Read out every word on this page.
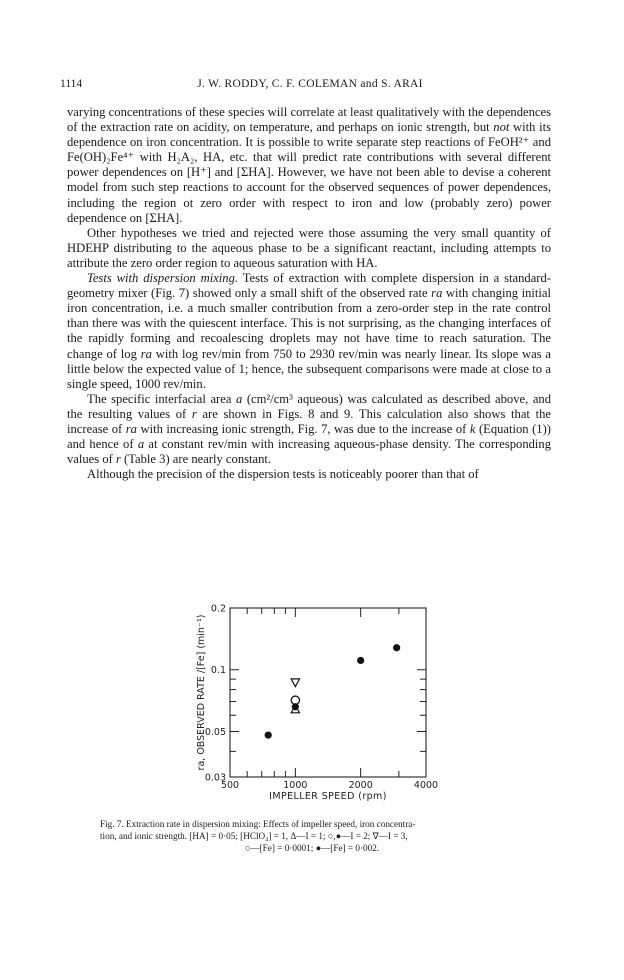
1114	J. W. RODDY, C. F. COLEMAN and S. ARAI

varying concentrations of these species will correlate at least qualitatively with the dependences of the extraction rate on acidity, on temperature, and perhaps on ionic strength, but not with its dependence on iron concentration. It is possible to write separate step reactions of FeOH²⁺ and Fe(OH)₂Fe⁴⁺ with H₂A₂, HA, etc. that will predict rate contributions with several different power dependences on [H⁺] and [ΣHA]. However, we have not been able to devise a coherent model from such step reactions to account for the observed sequences of power dependences, including the region ot zero order with respect to iron and low (probably zero) power dependence on [ΣHA].

Other hypotheses we tried and rejected were those assuming the very small quantity of HDEHP distributing to the aqueous phase to be a significant reactant, including attempts to attribute the zero order region to aqueous saturation with HA.

Tests with dispersion mixing. Tests of extraction with complete dispersion in a standard-geometry mixer (Fig. 7) showed only a small shift of the observed rate ra with changing initial iron concentration, i.e. a much smaller contribution from a zero-order step in the rate control than there was with the quiescent interface. This is not surprising, as the changing interfaces of the rapidly forming and recoalescing droplets may not have time to reach saturation. The change of log ra with log rev/min from 750 to 2930 rev/min was nearly linear. Its slope was a little below the expected value of 1; hence, the subsequent comparisons were made at close to a single speed, 1000 rev/min.

The specific interfacial area a (cm²/cm³ aqueous) was calculated as described above, and the resulting values of r are shown in Figs. 8 and 9. This calculation also shows that the increase of ra with increasing ionic strength, Fig. 7, was due to the increase of k (Equation (1)) and hence of a at constant rev/min with increasing aqueous-phase density. The corresponding values of r (Table 3) are nearly constant.

Although the precision of the dispersion tests is noticeably poorer than that of

500	1000	2000	4000
0.2
0.1
0.05
0.03
IMPELLER SPEED (rpm)
ra, OBSERVED RATE /[Fe] (min⁻¹)
Fig. 7. Extraction rate in dispersion mixing: Effects of impeller speed, iron concentra-
tion, and ionic strength. [HA] = 0·05; [HClO₄] = 1, Δ—I = 1; ○,●—I = 2; ∇—I = 3,
○—[Fe] = 0·0001; ●—[Fe] = 0·002.
